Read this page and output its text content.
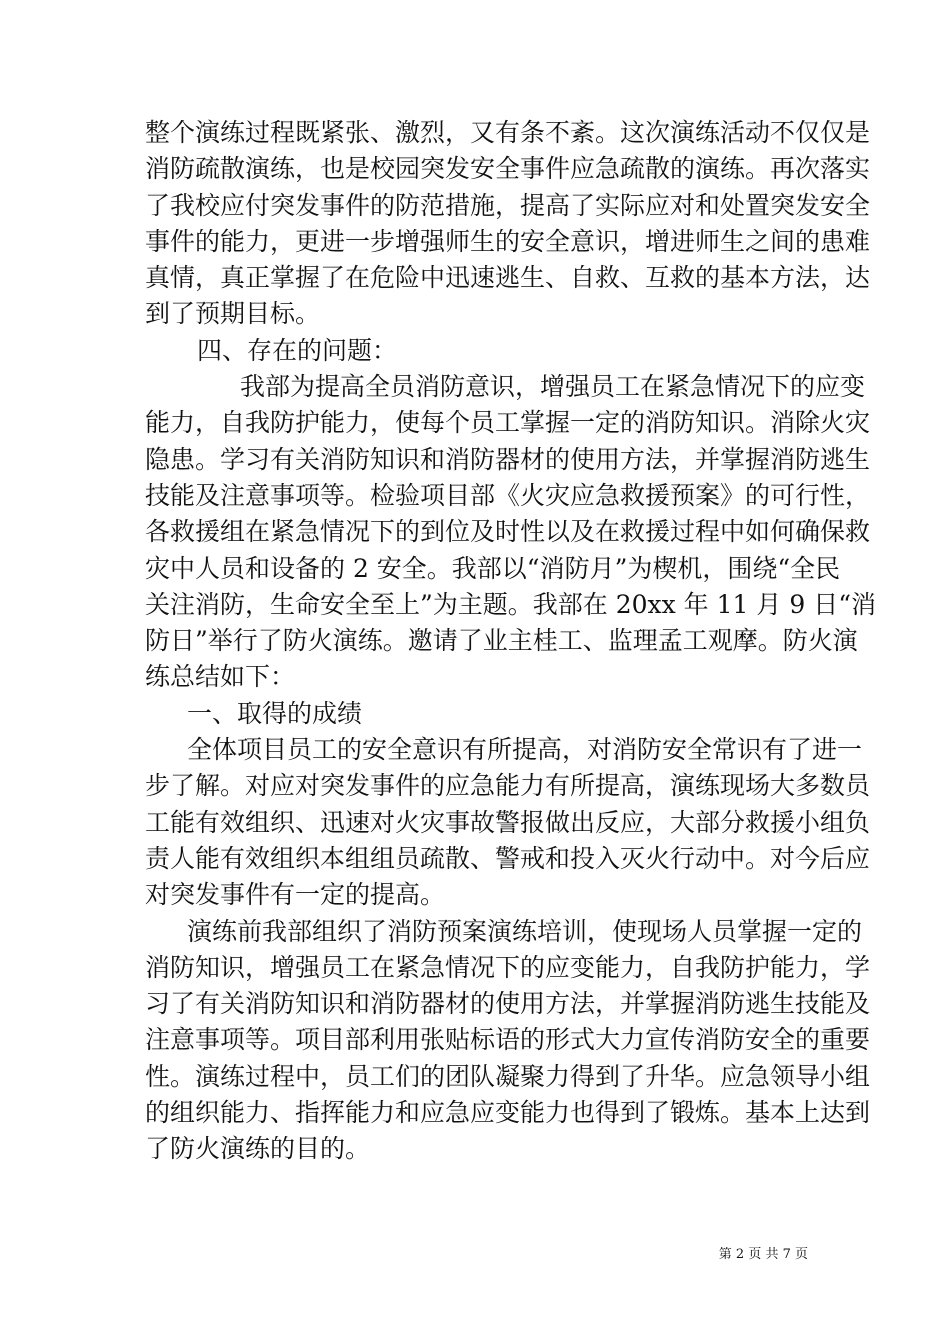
整个演练过程既紧张、激烈，又有条不紊。这次演练活动不仅仅是
消防疏散演练，也是校园突发安全事件应急疏散的演练。再次落实
了我校应付突发事件的防范措施，提高了实际应对和处置突发安全
事件的能力，更进一步增强师生的安全意识，增进师生之间的患难
真情，真正掌握了在危险中迅速逃生、自救、互救的基本方法，达
到了预期目标。
四、存在的问题：
我部为提高全员消防意识，增强员工在紧急情况下的应变
能力，自我防护能力，使每个员工掌握一定的消防知识。消除火灾
隐患。学习有关消防知识和消防器材的使用方法，并掌握消防逃生
技能及注意事项等。检验项目部《火灾应急救援预案》的可行性，
各救援组在紧急情况下的到位及时性以及在救援过程中如何确保救
灾中人员和设备的 2 安全。我部以“消防月”为楔机，围绕“全民
关注消防，生命安全至上”为主题。我部在 20xx 年 11 月 9 日“消
防日”举行了防火演练。邀请了业主桂工、监理孟工观摩。防火演
练总结如下：
一、取得的成绩
全体项目员工的安全意识有所提高，对消防安全常识有了进一
步了解。对应对突发事件的应急能力有所提高，演练现场大多数员
工能有效组织、迅速对火灾事故警报做出反应，大部分救援小组负
责人能有效组织本组组员疏散、警戒和投入灭火行动中。对今后应
对突发事件有一定的提高。
演练前我部组织了消防预案演练培训，使现场人员掌握一定的
消防知识，增强员工在紧急情况下的应变能力，自我防护能力，学
习了有关消防知识和消防器材的使用方法，并掌握消防逃生技能及
注意事项等。项目部利用张贴标语的形式大力宣传消防安全的重要
性。演练过程中，员工们的团队凝聚力得到了升华。应急领导小组
的组织能力、指挥能力和应急应变能力也得到了锻炼。基本上达到
了防火演练的目的。
第 2 页 共 7 页
